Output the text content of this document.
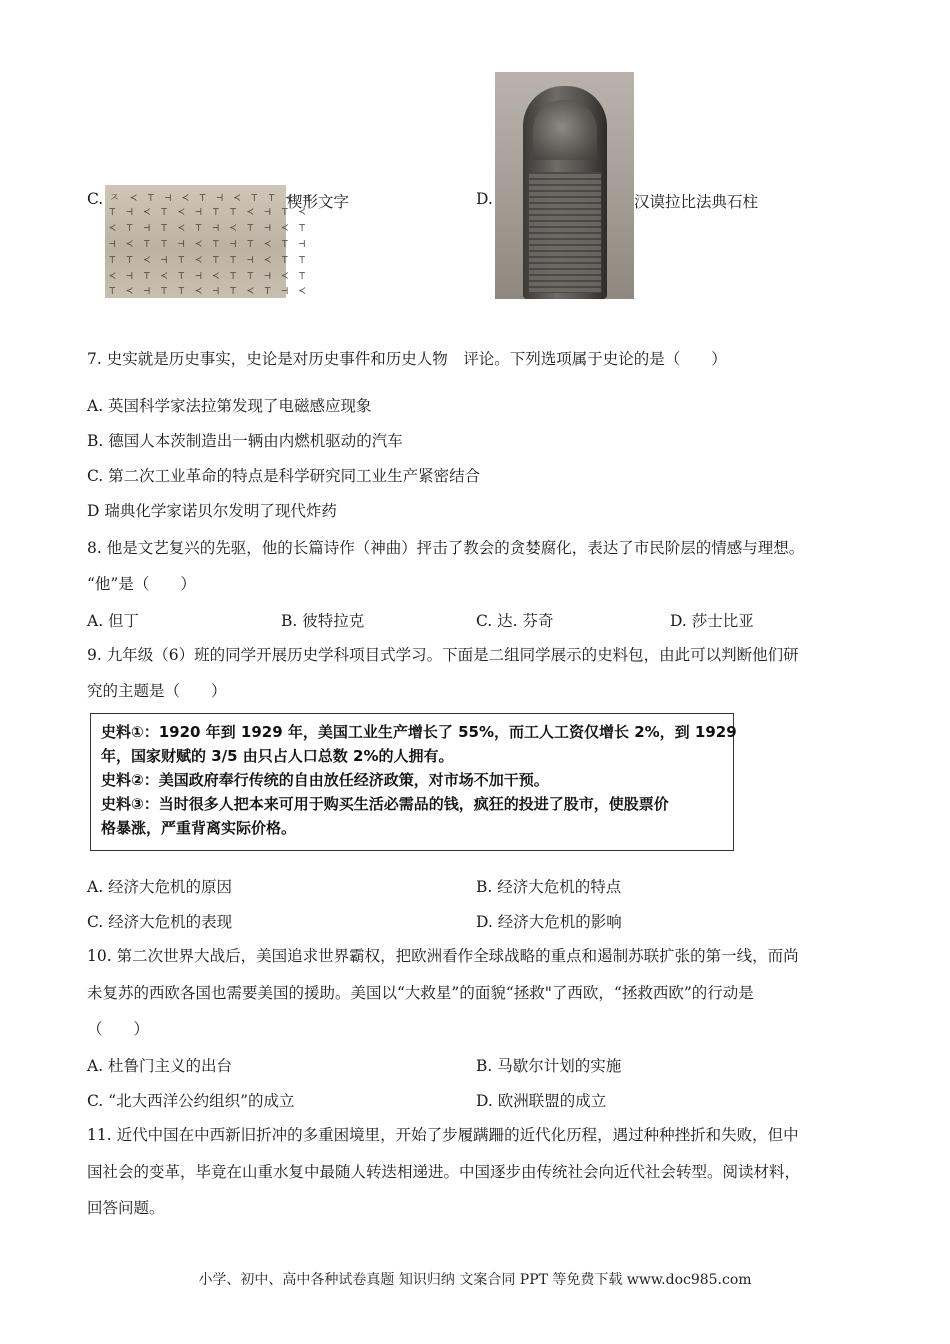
C. ㅈ ≺ ⊤ ⊣ ≺ ⊤ ⊣ ≺ ⊤ ⊤ ≺ ⊣
⊤ ⊣ ≺ ⊤ ≺ ⊣ ⊤ ⊤ ≺ ⊣ ⊤ ≺
≺ ⊤ ⊣ ⊤ ≺ ⊤ ⊣ ≺ ⊤ ⊣ ≺ ⊤
⊣ ≺ ⊤ ⊤ ⊣ ≺ ⊤ ⊣ ⊤ ≺ ⊤ ⊣
⊤ ⊤ ≺ ⊣ ⊤ ≺ ⊤ ⊤ ⊣ ≺ ⊤ ⊤
≺ ⊣ ⊤ ≺ ⊤ ⊣ ≺ ⊤ ⊤ ⊣ ≺ ⊤
⊤ ≺ ⊣ ⊤ ⊤ ≺ ⊣ ⊤ ≺ ⊤ ⊣ ≺
楔形文字	D.	汉谟拉比法典石柱
7. 史实就是历史事实，史论是对历史事件和历史人物　评论。下列选项属于史论的是（　　）
A. 英国科学家法拉第发现了电磁感应现象
B. 德国人本茨制造出一辆由内燃机驱动的汽车
C. 第二次工业革命的特点是科学研究同工业生产紧密结合
D 瑞典化学家诺贝尔发明了现代炸药
8. 他是文艺复兴的先驱，他的长篇诗作（神曲）抨击了教会的贪婪腐化，表达了市民阶层的情感与理想。
“他”是（　　）
A. 但丁	B. 彼特拉克	C. 达. 芬奇	D. 莎士比亚
9. 九年级（6）班的同学开展历史学科项目式学习。下面是二组同学展示的史料包，由此可以判断他们研
究的主题是（　　）
史料①：1920 年到 1929 年，美国工业生产增长了 55%，而工人工资仅增长 2%，到 1929
年，国家财赋的 3/5 由只占人口总数 2%的人拥有。
史料②：美国政府奉行传统的自由放任经济政策，对市场不加干预。
史料③：当时很多人把本来可用于购买生活必需品的钱，疯狂的投进了股市，使股票价
格暴涨，严重背离实际价格。
A. 经济大危机的原因	B. 经济大危机的特点
C. 经济大危机的表现	D. 经济大危机的影响
10. 第二次世界大战后，美国追求世界霸权，把欧洲看作全球战略的重点和遏制苏联扩张的第一线，而尚
未复苏的西欧各国也需要美国的援助。美国以“大救星”的面貌“拯救"了西欧，“拯救西欧”的行动是
（　　）
A. 杜鲁门主义的出台	B. 马歇尔计划的实施
C. “北大西洋公约组织”的成立	D. 欧洲联盟的成立
11. 近代中国在中西新旧折冲的多重困境里，开始了步履蹒跚的近代化历程，遇过种种挫折和失败，但中
国社会的变革，毕竟在山重水复中最随人转迭相递进。中国逐步由传统社会向近代社会转型。阅读材料，
回答问题。
小学、初中、高中各种试卷真题 知识归纳 文案合同 PPT 等免费下载 www.doc985.com
